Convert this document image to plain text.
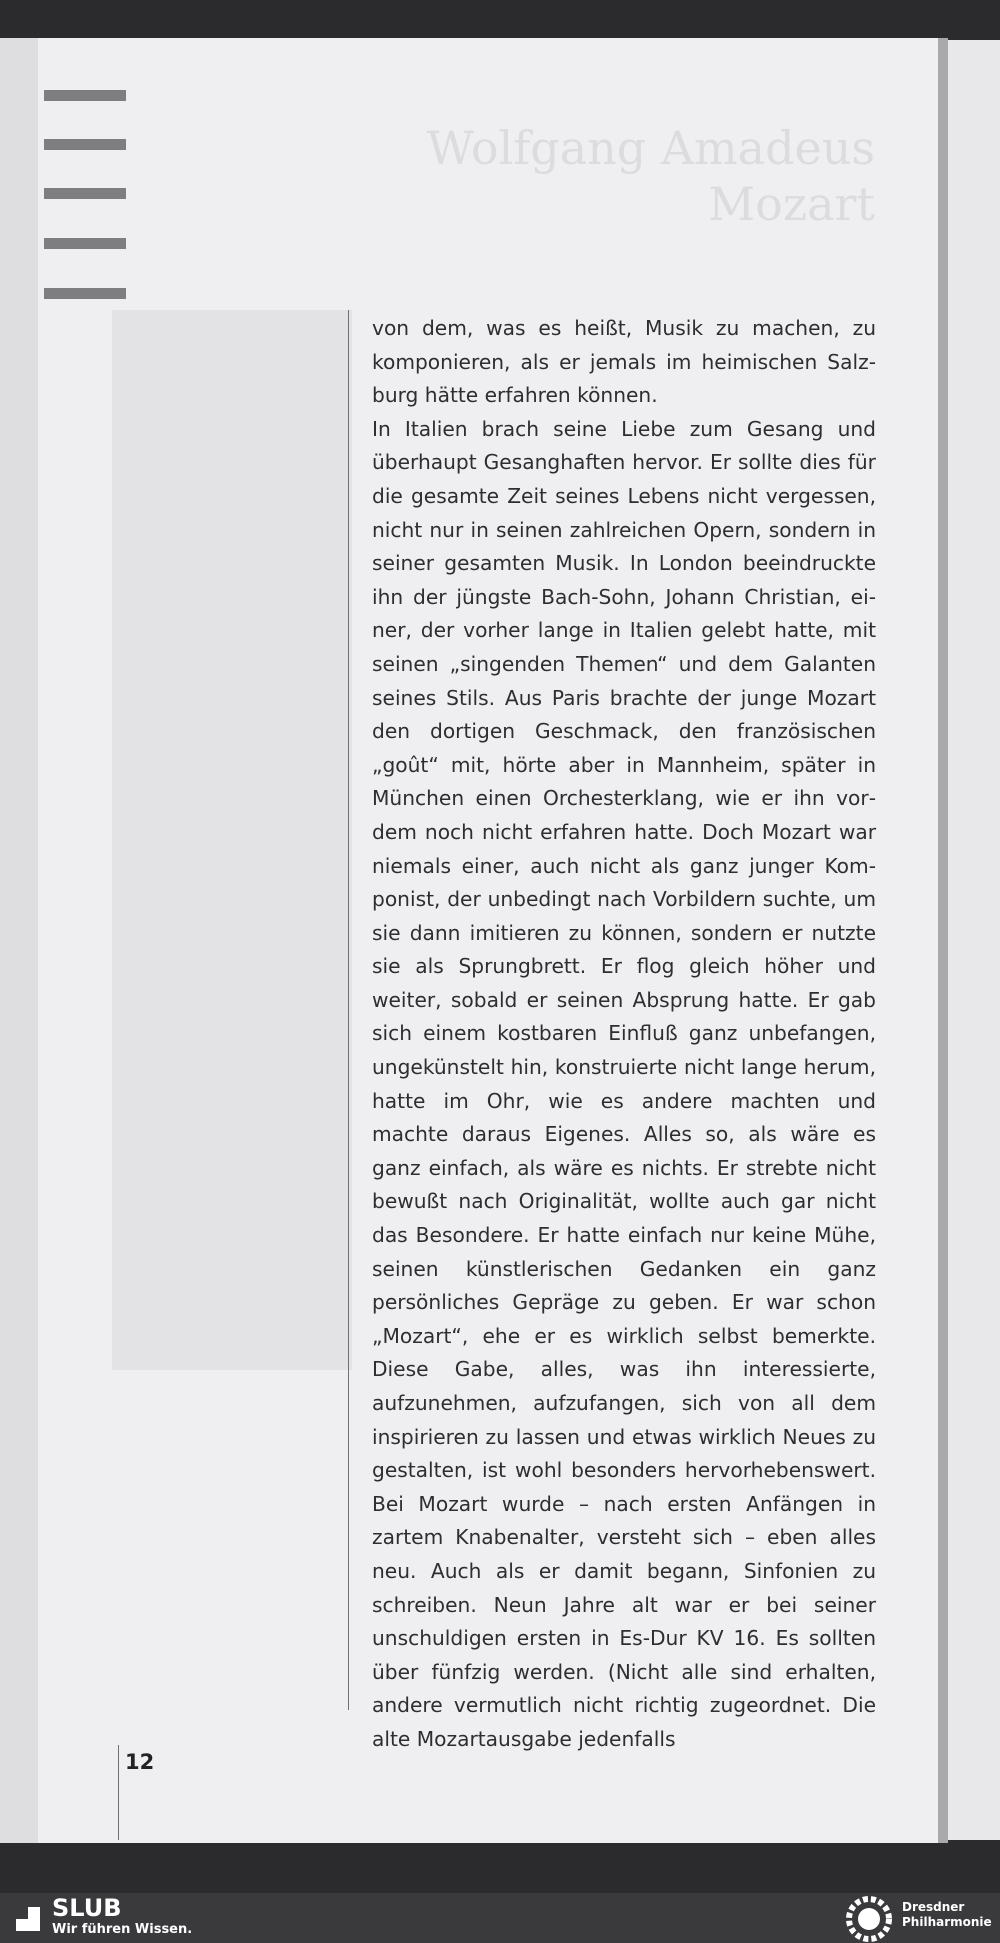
Wolfgang Amadeus
Mozart

von dem, was es heißt, Musik zu machen, zu komponieren, als er jemals im heimischen Salzburg hätte erfahren können.
In Italien brach seine Liebe zum Gesang und überhaupt Gesanghaften hervor. Er sollte dies für die gesamte Zeit seines Lebens nicht vergessen, nicht nur in seinen zahlreichen Opern, sondern in seiner gesamten Musik. In London beeindruckte ihn der jüngste Bach-Sohn, Johann Christian, einer, der vorher lange in Italien gelebt hatte, mit seinen „singenden Themen“ und dem Galanten seines Stils. Aus Paris brachte der junge Mozart den dortigen Geschmack, den französischen „goût“ mit, hörte aber in Mannheim, später in München einen Orchesterklang, wie er ihn vordem noch nicht erfahren hatte. Doch Mozart war niemals einer, auch nicht als ganz junger Komponist, der unbedingt nach Vorbildern suchte, um sie dann imitieren zu können, sondern er nutzte sie als Sprungbrett. Er flog gleich höher und weiter, sobald er seinen Absprung hatte. Er gab sich einem kostbaren Einfluß ganz unbefangen, ungekünstelt hin, konstruierte nicht lange herum, hatte im Ohr, wie es andere machten und machte daraus Eigenes. Alles so, als wäre es ganz einfach, als wäre es nichts. Er strebte nicht bewußt nach Originalität, wollte auch gar nicht das Besondere. Er hatte einfach nur keine Mühe, seinen künstlerischen Gedanken ein ganz persönliches Gepräge zu geben. Er war schon „Mozart“, ehe er es wirklich selbst bemerkte. Diese Gabe, alles, was ihn interessierte, aufzunehmen, aufzufangen, sich von all dem inspirieren zu lassen und etwas wirklich Neues zu gestalten, ist wohl besonders hervorhebenswert. Bei Mozart wurde – nach ersten Anfängen in zartem Knabenalter, versteht sich – eben alles neu. Auch als er damit begann, Sinfonien zu schreiben. Neun Jahre alt war er bei seiner unschuldigen ersten in Es-Dur KV 16. Es sollten über fünfzig werden. (Nicht alle sind erhalten, andere vermutlich nicht richtig zugeordnet. Die alte Mozartausgabe jedenfalls

12
SLUB
Wir führen Wissen.
Dresdner
Philharmonie
